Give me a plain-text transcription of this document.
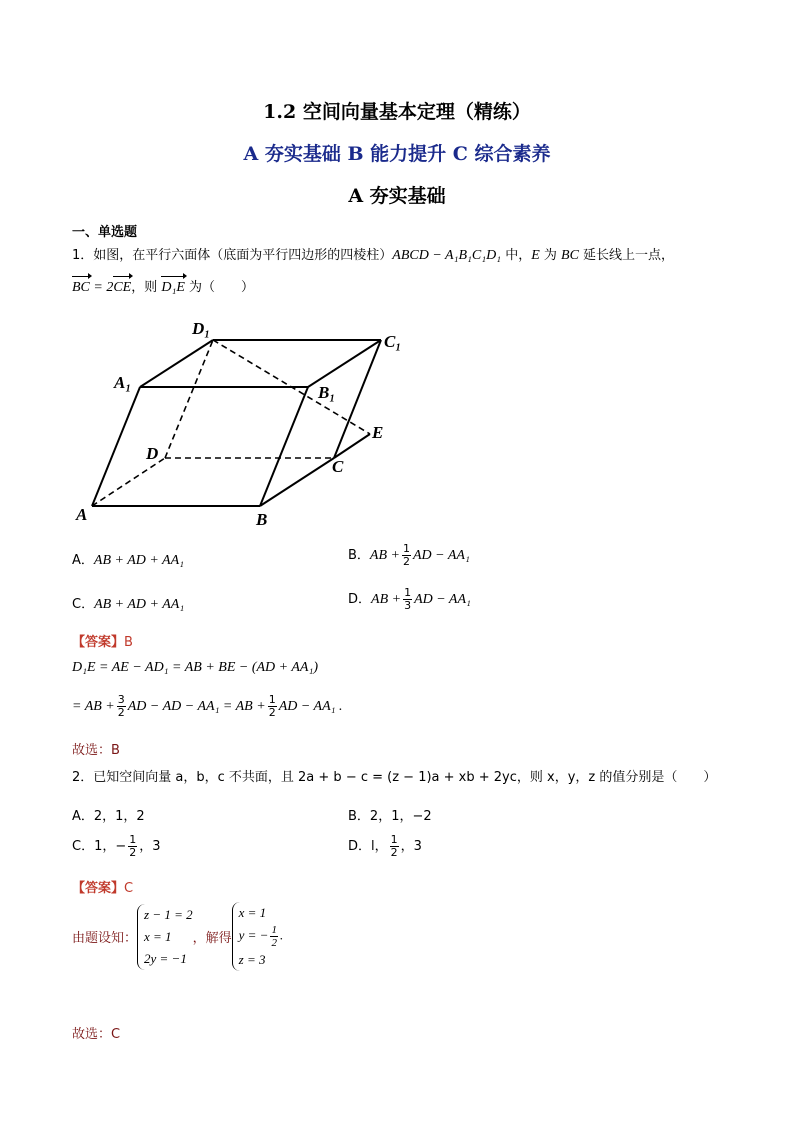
1.2 空间向量基本定理（精练）
A 夯实基础 B 能力提升 C 综合素养
A 夯实基础
一、单选题
1．如图，在平行六面体（底面为平行四边形的四棱柱）ABCD − A₁B₁C₁D₁ 中，E 为 BC 延长线上一点，
BC = 2CE，则 D₁E 为（　　）
A	B
C
D
E
A₁
B₁
C₁
D₁
A．AB + AD + AA₁	B．AB + $\frac{1}{2}$ AD − AA₁
C．AB + AD + AA₁	D．AB + $\frac{1}{3}$ AD − AA₁
【答案】B
D₁E = AE − AD₁ = AB + BE − (AD + AA₁)
= AB + $\frac{3}{2}$ AD − AD − AA₁ = AB + $\frac{1}{2}$ AD − AA₁ .
故选：B
2．已知空间向量 a，b，c 不共面，且 2a + b − c = (z − 1)a + xb + 2yc，则 x，y，z 的值分别是（　　）
A．2，1，2	B．2，1，−2
C．1，− $\frac{1}{2}$ ，3	D．l， $\frac{1}{2}$ ，3
【答案】C
由题设知：
z − 1 = 2
x = 1
2y = −1
，解得
x = 1
y = − $\frac{1}{2}$ .
z = 3
故选：C
